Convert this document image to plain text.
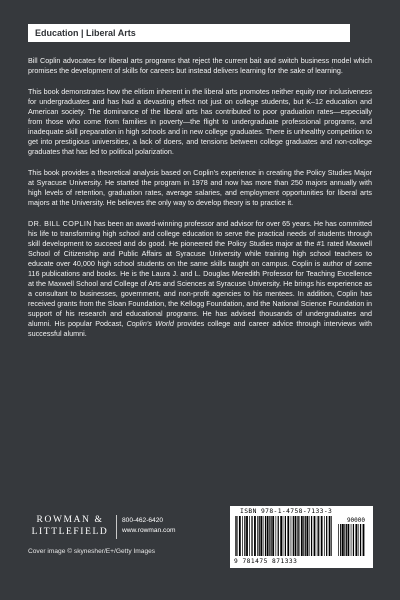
Education | Liberal Arts

Bill Coplin advocates for liberal arts programs that reject the current bait and switch business model which promises the development of skills for careers but instead delivers learning for the sake of learning.

This book demonstrates how the elitism inherent in the liberal arts promotes neither equity nor inclusiveness for undergraduates and has had a devasting effect not just on college students, but K–12 education and American society. The dominance of the liberal arts has contributed to poor graduation rates—especially from those who come from families in poverty—the flight to undergraduate professional programs, and inadequate skill preparation in high schools and in new college graduates. There is unhealthy competition to get into prestigious universities, a lack of doers, and tensions between college graduates and non-college graduates that has led to political polarization.

This book provides a theoretical analysis based on Coplin's experience in creating the Policy Studies Major at Syracuse University. He started the program in 1978 and now has more than 250 majors annually with high levels of retention, graduation rates, average salaries, and employment opportunities for liberal arts majors at the University. He believes the only way to develop theory is to practice it.

DR. BILL COPLIN has been an award-winning professor and advisor for over 65 years. He has committed his life to transforming high school and college education to serve the practical needs of students through skill development to succeed and do good. He pioneered the Policy Studies major at the #1 rated Maxwell School of Citizenship and Public Affairs at Syracuse University while training high school teachers to educate over 40,000 high school students on the same skills taught on campus. Coplin is author of some 116 publications and books. He is the Laura J. and L. Douglas Meredith Professor for Teaching Excellence at the Maxwell School and College of Arts and Sciences at Syracuse University. He brings his experience as a consultant to businesses, government, and non-profit agencies to his mentees. In addition, Coplin has received grants from the Sloan Foundation, the Kellogg Foundation, and the National Science Foundation in support of his research and educational programs. He has advised thousands of undergraduates and alumni. His popular Podcast, Coplin's World provides college and career advice through interviews with successful alumni.

ROWMAN &
LITTLEFIELD
800-462-6420
www.rowman.com
Cover image © skynesher/E+/Getty Images
ISBN 978-1-4758-7133-3
90000
9 781475 871333
